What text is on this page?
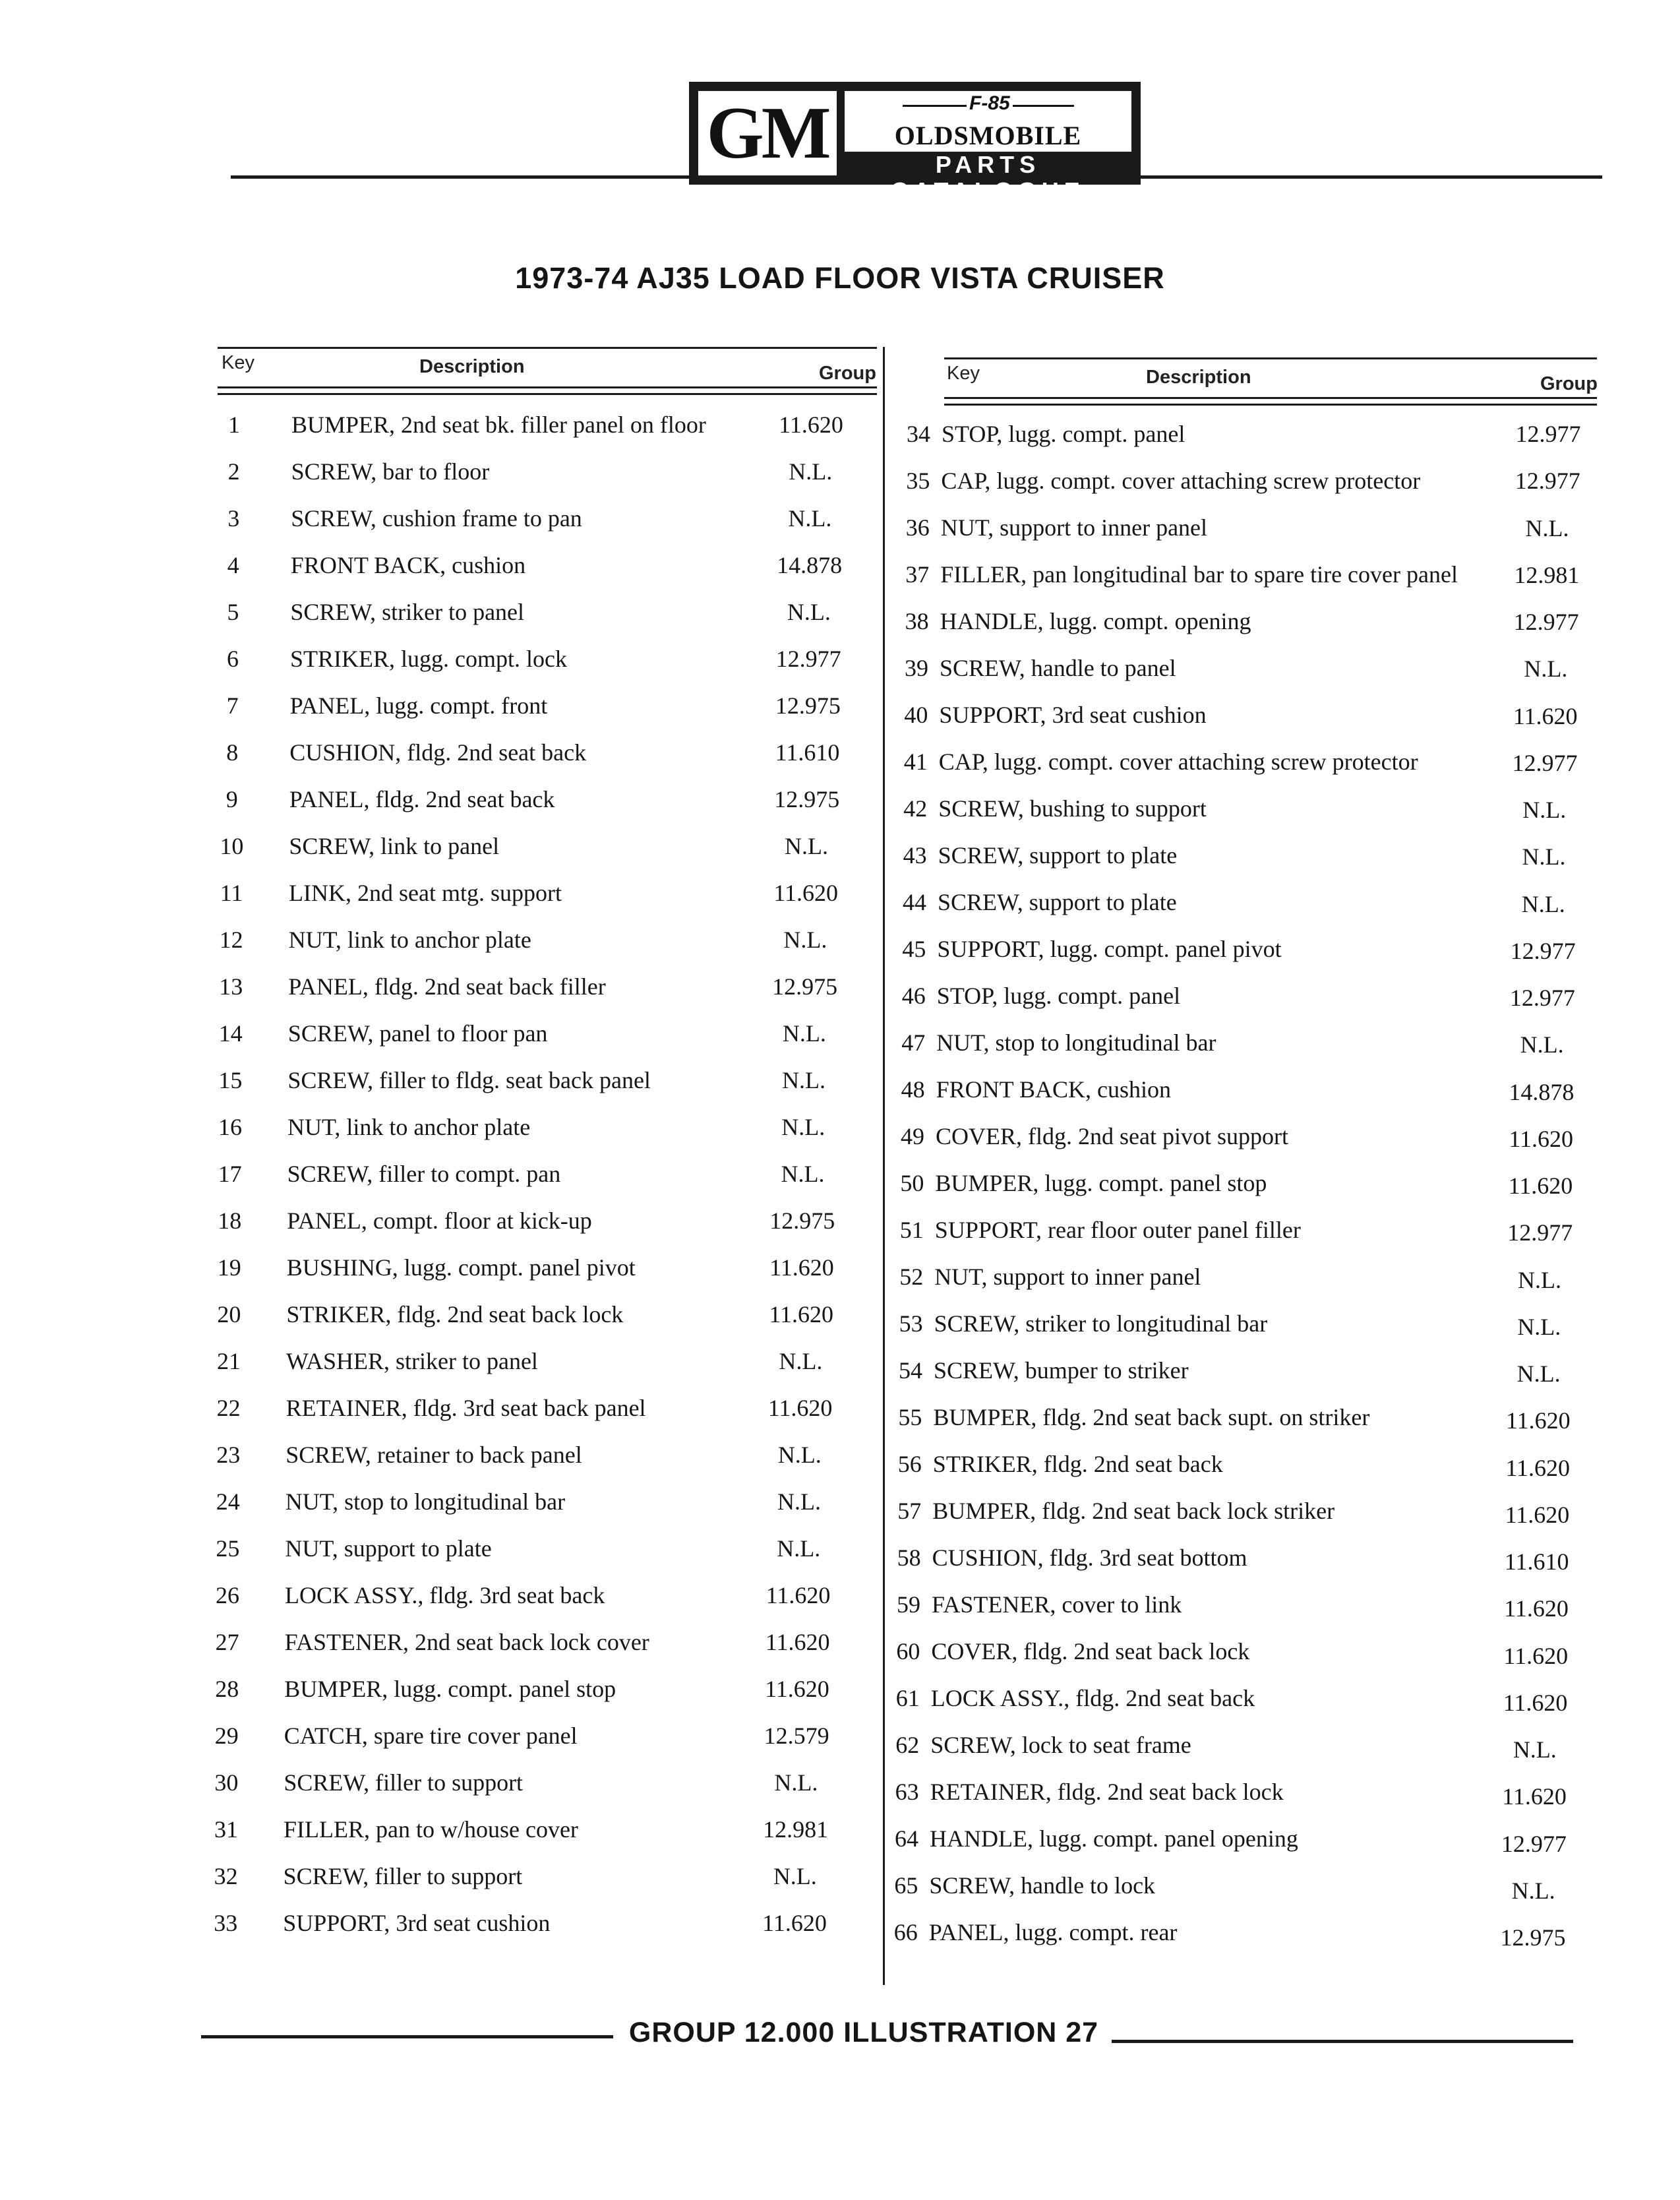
GM	F-85
OLDSMOBILE
PARTS CATALOGUE
1973-74 AJ35 LOAD FLOOR VISTA CRUISER
Key	Description	Group	Key	Description	Group
1	BUMPER, 2nd seat bk. filler panel on floor	11.620
2	SCREW, bar to floor	N.L.
3	SCREW, cushion frame to pan	N.L.
4	FRONT BACK, cushion	14.878
5	SCREW, striker to panel	N.L.
6	STRIKER, lugg. compt. lock	12.977
7	PANEL, lugg. compt. front	12.975
8	CUSHION, fldg. 2nd seat back	11.610
9	PANEL, fldg. 2nd seat back	12.975
10 SCREW, link to panel	N.L.
11 LINK, 2nd seat mtg. support	11.620
12 NUT, link to anchor plate	N.L.
13 PANEL, fldg. 2nd seat back filler	12.975
14 SCREW, panel to floor pan	N.L.
15 SCREW, filler to fldg. seat back panel	N.L.
16 NUT, link to anchor plate	N.L.
17 SCREW, filler to compt. pan	N.L.
18 PANEL, compt. floor at kick-up	12.975
19 BUSHING, lugg. compt. panel pivot	11.620
20 STRIKER, fldg. 2nd seat back lock	11.620
21 WASHER, striker to panel	N.L.
22 RETAINER, fldg. 3rd seat back panel	11.620
23 SCREW, retainer to back panel	N.L.
24 NUT, stop to longitudinal bar	N.L.
25 NUT, support to plate	N.L.
26 LOCK ASSY., fldg. 3rd seat back	11.620
27 FASTENER, 2nd seat back lock cover	11.620
28 BUMPER, lugg. compt. panel stop	11.620
29 CATCH, spare tire cover panel	12.579
30 SCREW, filler to support	N.L.
31 FILLER, pan to w/house cover	12.981
32 SCREW, filler to support	N.L.
33 SUPPORT, 3rd seat cushion	11.620
34 STOP, lugg. compt. panel	12.977
35 CAP, lugg. compt. cover attaching screw protector	12.977
36 NUT, support to inner panel	N.L.
37 FILLER, pan longitudinal bar to spare tire cover panel	12.981
38 HANDLE, lugg. compt. opening	12.977
39 SCREW, handle to panel	N.L.
40 SUPPORT, 3rd seat cushion	11.620
41 CAP, lugg. compt. cover attaching screw protector	12.977
42 SCREW, bushing to support	N.L.
43 SCREW, support to plate	N.L.
44 SCREW, support to plate	N.L.
45 SUPPORT, lugg. compt. panel pivot	12.977
46 STOP, lugg. compt. panel	12.977
47 NUT, stop to longitudinal bar	N.L.
48 FRONT BACK, cushion	14.878
49 COVER, fldg. 2nd seat pivot support	11.620
50 BUMPER, lugg. compt. panel stop	11.620
51 SUPPORT, rear floor outer panel filler	12.977
52 NUT, support to inner panel	N.L.
53 SCREW, striker to longitudinal bar	N.L.
54 SCREW, bumper to striker	N.L.
55 BUMPER, fldg. 2nd seat back supt. on striker	11.620
56 STRIKER, fldg. 2nd seat back	11.620
57 BUMPER, fldg. 2nd seat back lock striker	11.620
58 CUSHION, fldg. 3rd seat bottom	11.610
59 FASTENER, cover to link	11.620
60 COVER, fldg. 2nd seat back lock	11.620
61 LOCK ASSY., fldg. 2nd seat back	11.620
62 SCREW, lock to seat frame	N.L.
63 RETAINER, fldg. 2nd seat back lock	11.620
64 HANDLE, lugg. compt. panel opening	12.977
65 SCREW, handle to lock	N.L.
66 PANEL, lugg. compt. rear	12.975
GROUP 12.000 ILLUSTRATION 27
